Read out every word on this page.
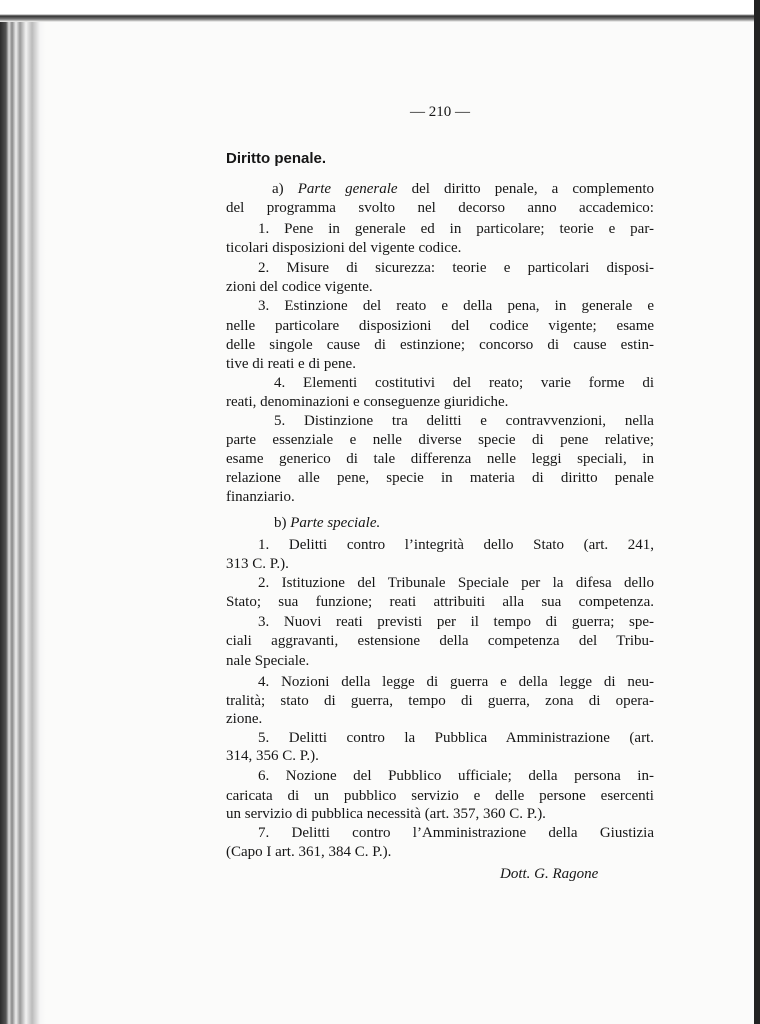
— 210 —
Diritto penale.
a) Parte generale del diritto penale, a complemento
del programma svolto nel decorso anno accademico:
1. Pene in generale ed in particolare; teorie e par-
ticolari disposizioni del vigente codice.
2. Misure di sicurezza: teorie e particolari disposi-
zioni del codice vigente.
3. Estinzione del reato e della pena, in generale e
nelle particolare disposizioni del codice vigente; esame
delle singole cause di estinzione; concorso di cause estin-
tive di reati e di pene.
4. Elementi costitutivi del reato; varie forme di
reati, denominazioni e conseguenze giuridiche.
5. Distinzione tra delitti e contravvenzioni, nella
parte essenziale e nelle diverse specie di pene relative;
esame generico di tale differenza nelle leggi speciali, in
relazione alle pene, specie in materia di diritto penale
finanziario.
b) Parte speciale.
1. Delitti contro l’integrità dello Stato (art. 241,
313 C. P.).
2. Istituzione del Tribunale Speciale per la difesa dello
Stato; sua funzione; reati attribuiti alla sua competenza.
3. Nuovi reati previsti per il tempo di guerra; spe-
ciali aggravanti, estensione della competenza del Tribu-
nale Speciale.
4. Nozioni della legge di guerra e della legge di neu-
tralità; stato di guerra, tempo di guerra, zona di opera-
zione.
5. Delitti contro la Pubblica Amministrazione (art.
314, 356 C. P.).
6. Nozione del Pubblico ufficiale; della persona in-
caricata di un pubblico servizio e delle persone esercenti
un servizio di pubblica necessità (art. 357, 360 C. P.).
7. Delitti contro l’Amministrazione della Giustizia
(Capo I art. 361, 384 C. P.).
Dott. G. Ragone
